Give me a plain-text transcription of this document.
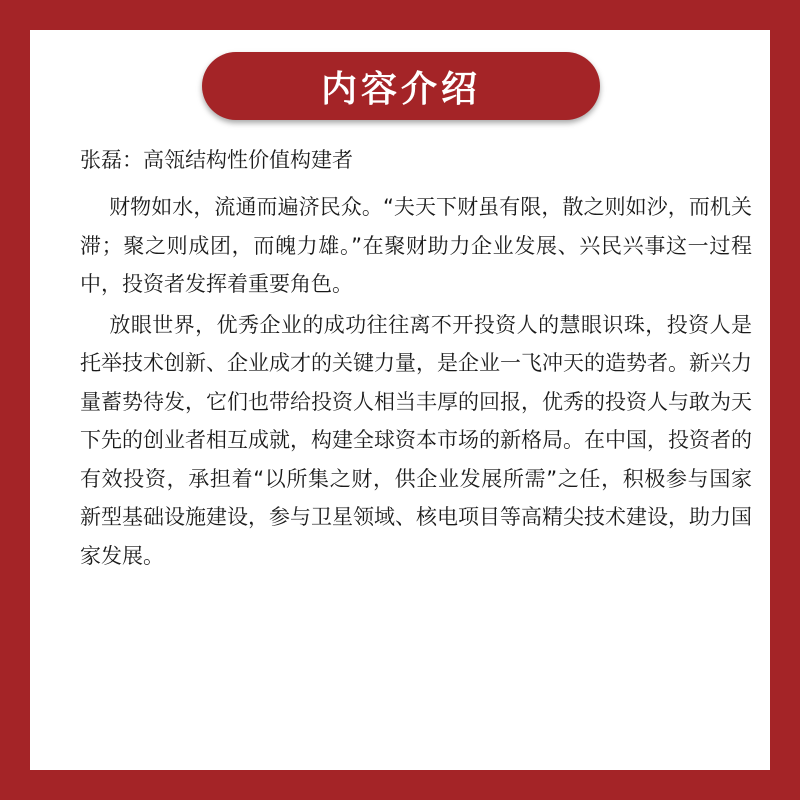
内容介绍

张磊：高瓴结构性价值构建者

财物如水，流通而遍济民众。“夫天下财虽有限，散之则如沙，而机关滞；聚之则成团，而魄力雄。”在聚财助力企业发展、兴民兴事这一过程中，投资者发挥着重要角色。

放眼世界，优秀企业的成功往往离不开投资人的慧眼识珠，投资人是托举技术创新、企业成才的关键力量，是企业一飞冲天的造势者。新兴力量蓄势待发，它们也带给投资人相当丰厚的回报，优秀的投资人与敢为天下先的创业者相互成就，构建全球资本市场的新格局。在中国，投资者的有效投资，承担着“以所集之财，供企业发展所需”之任，积极参与国家新型基础设施建设，参与卫星领域、核电项目等高精尖技术建设，助力国家发展。
